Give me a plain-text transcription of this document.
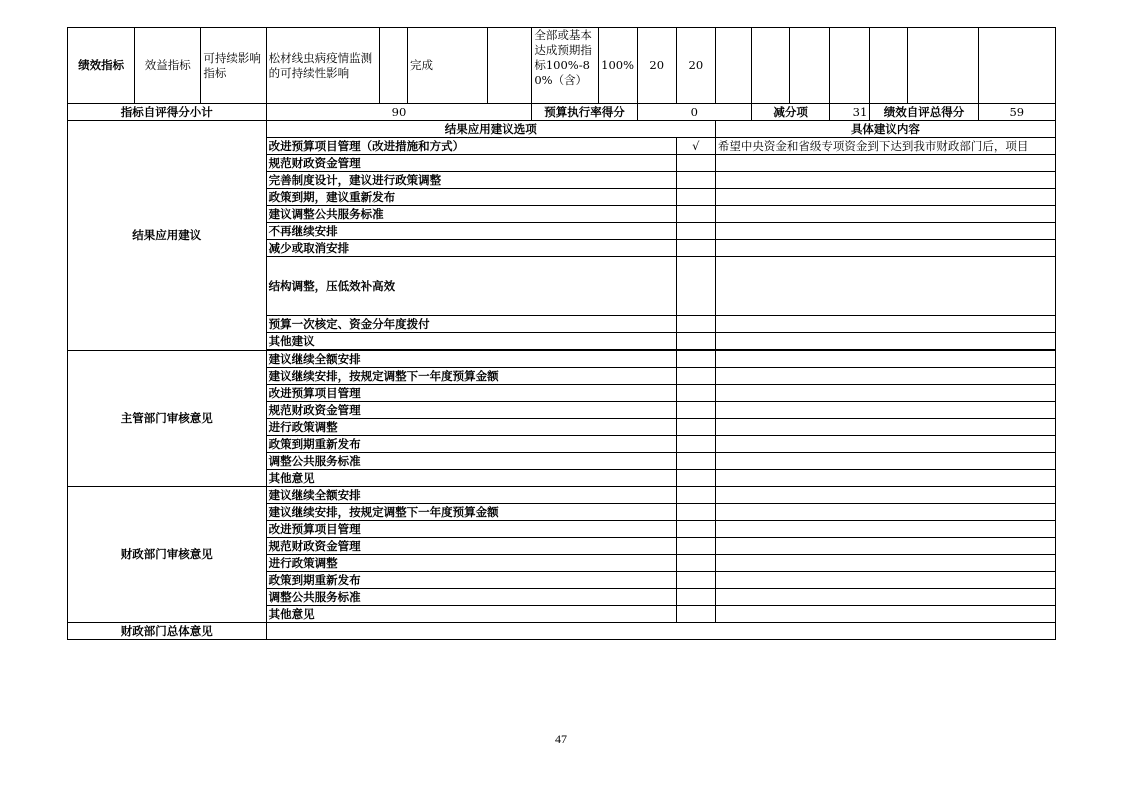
绩效指标	效益指标	可持续影响指标	松材线虫病疫情监测的可持续性影响		完成		全部或基本达成预期指标100%-80%（含）	100%	20	20							
指标自评得分小计			90				预算执行率得分		0			减分项		31	绩效自评总得分		59
结果应用建议			结果应用建议选项								具体建议内容						
			改进预算项目管理（改进措施和方式）							√	希望中央资金和省级专项资金到下达到我市财政部门后，项目						
			规范财政资金管理														
			完善制度设计，建议进行政策调整														
			政策到期，建议重新发布														
			建议调整公共服务标准														
			不再继续安排														
			减少或取消安排														
			结构调整，压低效补高效														
			预算一次核定、资金分年度拨付														
			其他建议														

主管部门审核意见			建议继续全额安排														
			建议继续安排，按规定调整下一年度预算金额														
			改进预算项目管理														
			规范财政资金管理														
			进行政策调整														
			政策到期重新发布														
			调整公共服务标准														
			其他意见														
财政部门审核意见			建议继续全额安排														
			建议继续安排，按规定调整下一年度预算金额														
			改进预算项目管理														
			规范财政资金管理														
			进行政策调整														
			政策到期重新发布														
			调整公共服务标准														
			其他意见														
财政部门总体意见																	
47
